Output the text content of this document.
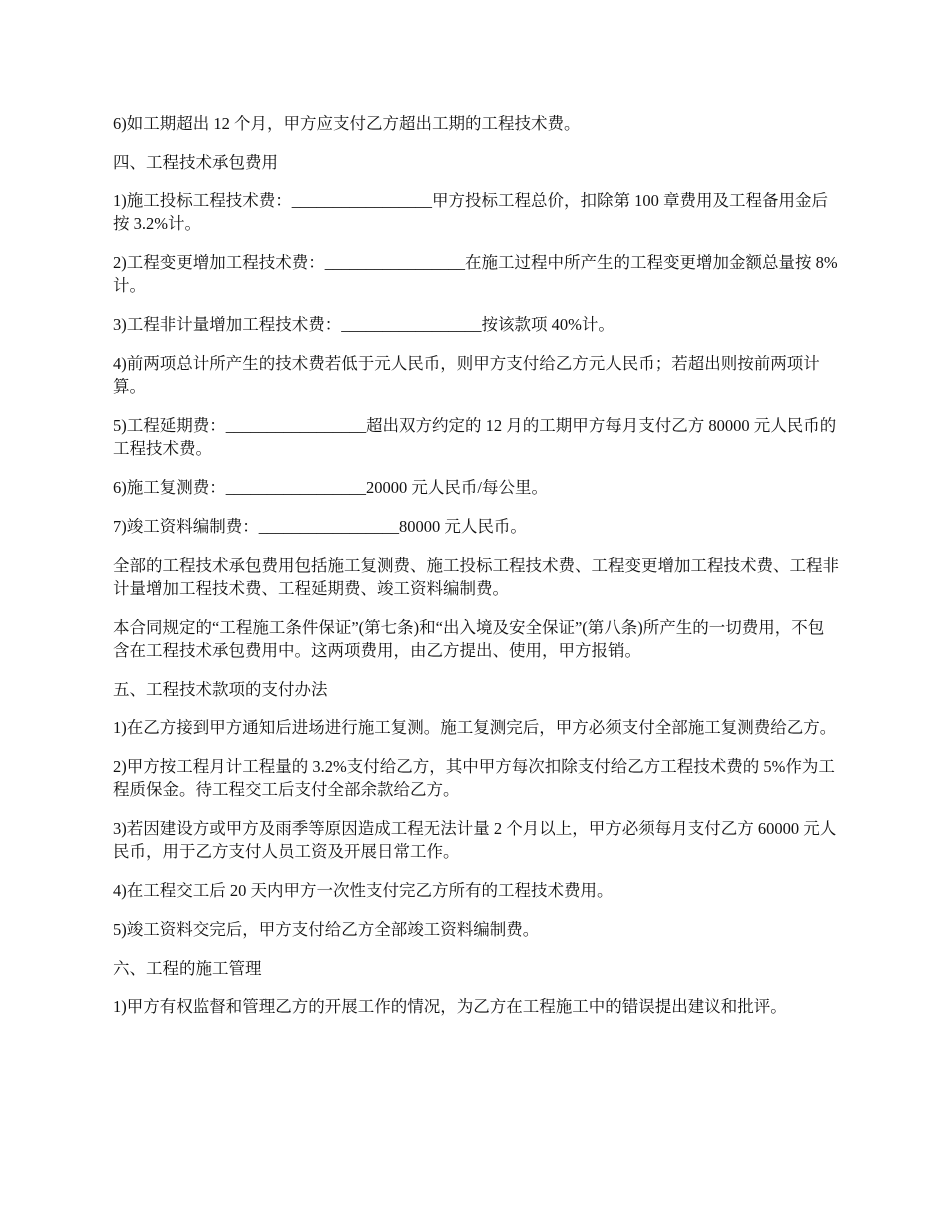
6)如工期超出 12 个月，甲方应支付乙方超出工期的工程技术费。

四、工程技术承包费用

1)施工投标工程技术费：_________________甲方投标工程总价，扣除第 100 章费用及工程备用金后按 3.2%计。

2)工程变更增加工程技术费：_________________在施工过程中所产生的工程变更增加金额总量按 8%计。

3)工程非计量增加工程技术费：_________________按该款项 40%计。

4)前两项总计所产生的技术费若低于元人民币，则甲方支付给乙方元人民币；若超出则按前两项计算。

5)工程延期费：_________________超出双方约定的 12 月的工期甲方每月支付乙方 80000 元人民币的工程技术费。

6)施工复测费：_________________20000 元人民币/每公里。

7)竣工资料编制费：_________________80000 元人民币。

全部的工程技术承包费用包括施工复测费、施工投标工程技术费、工程变更增加工程技术费、工程非计量增加工程技术费、工程延期费、竣工资料编制费。

本合同规定的“工程施工条件保证”(第七条)和“出入境及安全保证”(第八条)所产生的一切费用，不包含在工程技术承包费用中。这两项费用，由乙方提出、使用，甲方报销。

五、工程技术款项的支付办法

1)在乙方接到甲方通知后进场进行施工复测。施工复测完后，甲方必须支付全部施工复测费给乙方。

2)甲方按工程月计工程量的 3.2%支付给乙方，其中甲方每次扣除支付给乙方工程技术费的 5%作为工程质保金。待工程交工后支付全部余款给乙方。

3)若因建设方或甲方及雨季等原因造成工程无法计量 2 个月以上，甲方必须每月支付乙方 60000 元人民币，用于乙方支付人员工资及开展日常工作。

4)在工程交工后 20 天内甲方一次性支付完乙方所有的工程技术费用。

5)竣工资料交完后，甲方支付给乙方全部竣工资料编制费。

六、工程的施工管理

1)甲方有权监督和管理乙方的开展工作的情况，为乙方在工程施工中的错误提出建议和批评。
